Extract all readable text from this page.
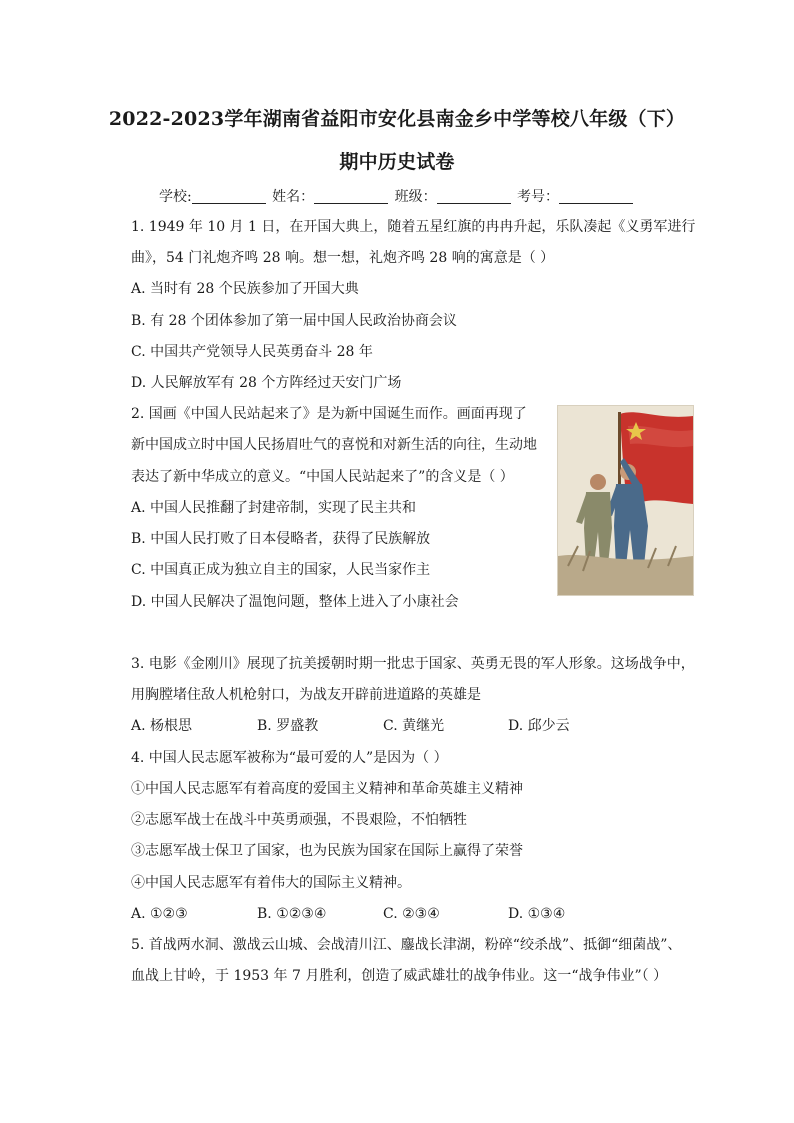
2022-2023学年湖南省益阳市安化县南金乡中学等校八年级（下）
期中历史试卷
学校:	姓名：	班级：	考号：
1. 1949 年 10 月 1 日，在开国大典上，随着五星红旗的冉冉升起，乐队凑起《义勇军进行
曲》，54 门礼炮齐鸣 28 响。想一想，礼炮齐鸣 28 响的寓意是（ ）
A. 当时有 28 个民族参加了开国大典
B. 有 28 个团体参加了第一届中国人民政治协商会议
C. 中国共产党领导人民英勇奋斗 28 年
D. 人民解放军有 28 个方阵经过天安门广场
2. 国画《中国人民站起来了》是为新中国诞生而作。画面再现了
新中国成立时中国人民扬眉吐气的喜悦和对新生活的向往，生动地
表达了新中华成立的意义。“中国人民站起来了”的含义是（ ）
A. 中国人民推翻了封建帝制，实现了民主共和
B. 中国人民打败了日本侵略者，获得了民族解放
C. 中国真正成为独立自主的国家，人民当家作主
D. 中国人民解决了温饱问题，整体上进入了小康社会
3. 电影《金刚川》展现了抗美援朝时期一批忠于国家、英勇无畏的军人形象。这场战争中，
用胸膛堵住敌人机枪射口，为战友开辟前进道路的英雄是
A. 杨根思	B. 罗盛教	C. 黄继光	D. 邱少云
4. 中国人民志愿军被称为“最可爱的人”是因为（ ）
①中国人民志愿军有着高度的爱国主义精神和革命英雄主义精神
②志愿军战士在战斗中英勇顽强，不畏艰险，不怕牺牲
③志愿军战士保卫了国家，也为民族为国家在国际上赢得了荣誉
④中国人民志愿军有着伟大的国际主义精神。
A. ①②③	B. ①②③④	C. ②③④	D. ①③④
5. 首战两水洞、激战云山城、会战清川江、鏖战长津湖，粉碎“绞杀战”、抵御“细菌战”、
血战上甘岭，于 1953 年 7 月胜利，创造了威武雄壮的战争伟业。这一“战争伟业”（ ）
